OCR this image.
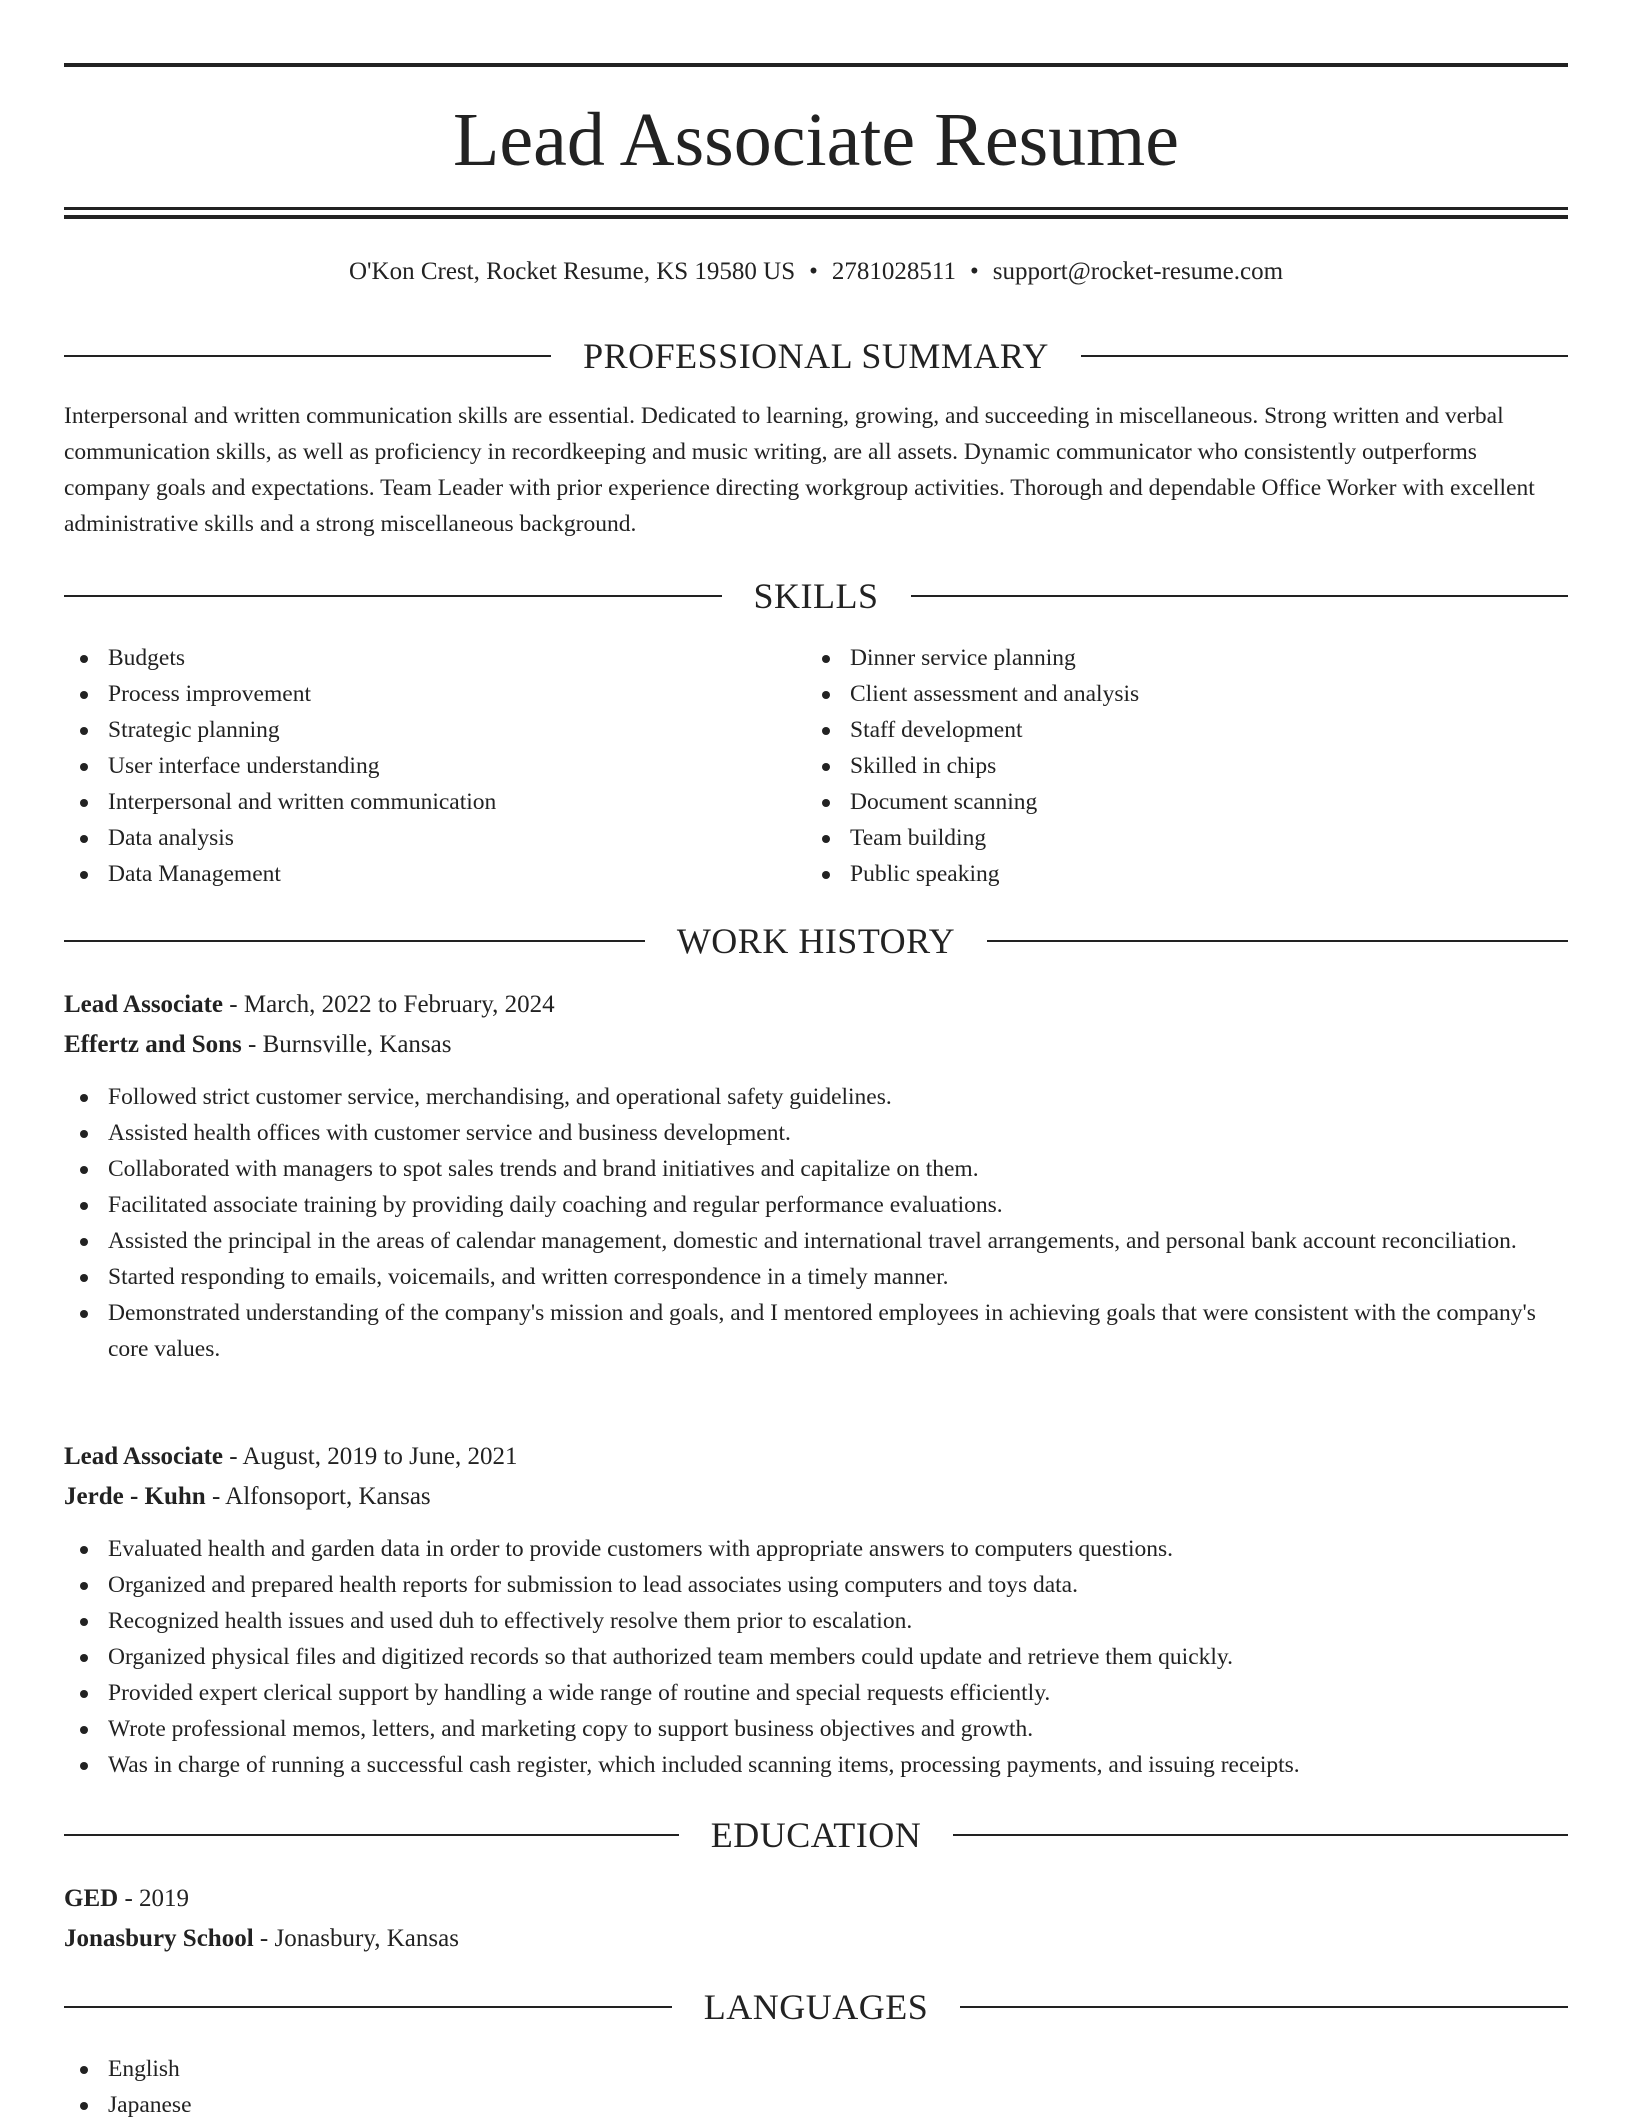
Lead Associate Resume
O'Kon Crest, Rocket Resume, KS 19580 US • 2781028511 • support@rocket-resume.com
PROFESSIONAL SUMMARY

Interpersonal and written communication skills are essential. Dedicated to learning, growing, and succeeding in miscellaneous. Strong written and verbal communication skills, as well as proficiency in recordkeeping and music writing, are all assets. Dynamic communicator who consistently outperforms company goals and expectations. Team Leader with prior experience directing workgroup activities. Thorough and dependable Office Worker with excellent administrative skills and a strong miscellaneous background.

SKILLS
Budgets
Process improvement
Strategic planning
User interface understanding
Interpersonal and written communication
Data analysis
Data Management
Dinner service planning
Client assessment and analysis
Staff development
Skilled in chips
Document scanning
Team building
Public speaking
WORK HISTORY
Lead Associate - March, 2022 to February, 2024
Effertz and Sons - Burnsville, Kansas
Followed strict customer service, merchandising, and operational safety guidelines.
Assisted health offices with customer service and business development.
Collaborated with managers to spot sales trends and brand initiatives and capitalize on them.
Facilitated associate training by providing daily coaching and regular performance evaluations.
Assisted the principal in the areas of calendar management, domestic and international travel arrangements, and personal bank account reconciliation.
Started responding to emails, voicemails, and written correspondence in a timely manner.
Demonstrated understanding of the company's mission and goals, and I mentored employees in achieving goals that were consistent with the company's core values.
Lead Associate - August, 2019 to June, 2021
Jerde - Kuhn - Alfonsoport, Kansas
Evaluated health and garden data in order to provide customers with appropriate answers to computers questions.
Organized and prepared health reports for submission to lead associates using computers and toys data.
Recognized health issues and used duh to effectively resolve them prior to escalation.
Organized physical files and digitized records so that authorized team members could update and retrieve them quickly.
Provided expert clerical support by handling a wide range of routine and special requests efficiently.
Wrote professional memos, letters, and marketing copy to support business objectives and growth.
Was in charge of running a successful cash register, which included scanning items, processing payments, and issuing receipts.
EDUCATION
GED - 2019
Jonasbury School - Jonasbury, Kansas
LANGUAGES
English
Japanese
